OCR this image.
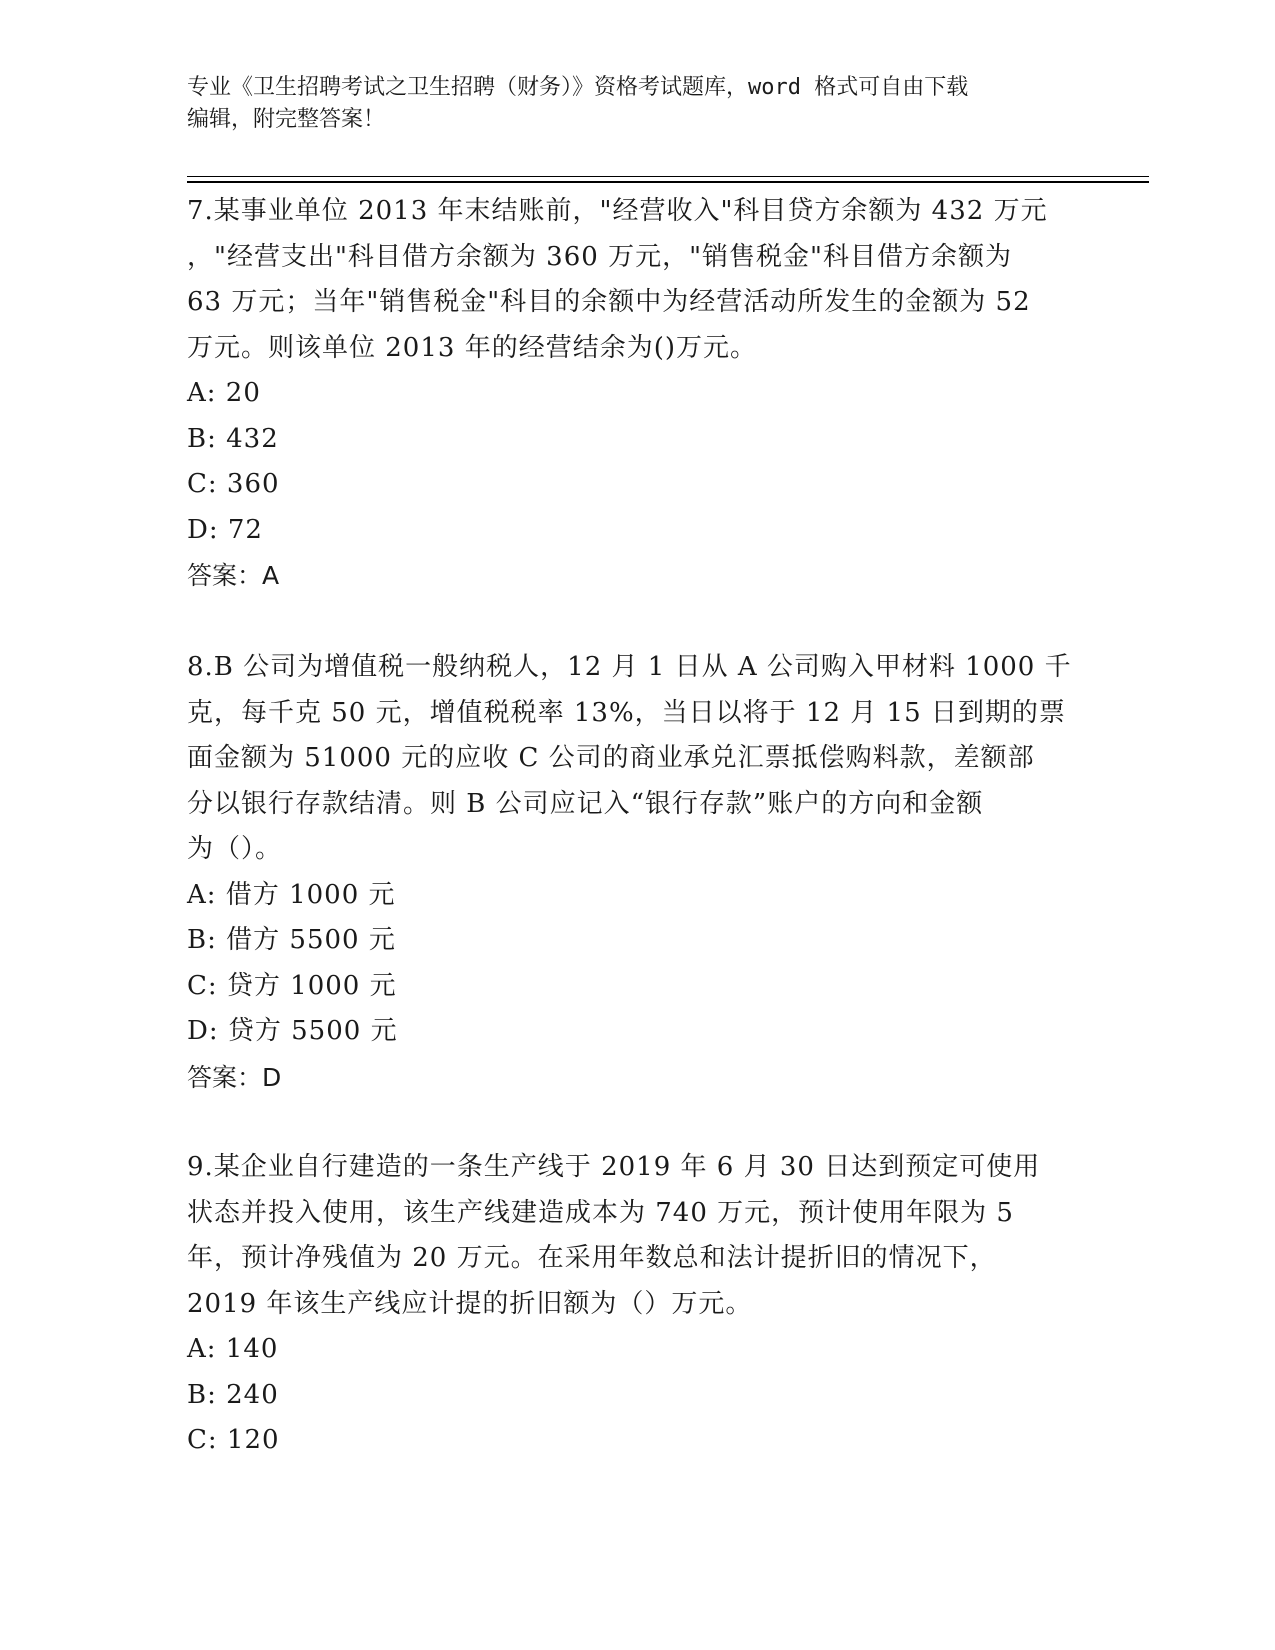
专业《卫生招聘考试之卫生招聘（财务）》资格考试题库，word 格式可自由下载
编辑，附完整答案！
7.某事业单位 2013 年末结账前，"经营收入"科目贷方余额为 432 万元
，"经营支出"科目借方余额为 360 万元，"销售税金"科目借方余额为
63 万元；当年"销售税金"科目的余额中为经营活动所发生的金额为 52
万元。则该单位 2013 年的经营结余为()万元。
A: 20
B: 432
C: 360
D: 72
答案：A
8.B 公司为增值税一般纳税人，12 月 1 日从 A 公司购入甲材料 1000 千
克，每千克 50 元，增值税税率 13%，当日以将于 12 月 15 日到期的票
面金额为 51000 元的应收 C 公司的商业承兑汇票抵偿购料款，差额部
分以银行存款结清。则 B 公司应记入“银行存款”账户的方向和金额
为（）。
A: 借方 1000 元
B: 借方 5500 元
C: 贷方 1000 元
D: 贷方 5500 元
答案：D
9.某企业自行建造的一条生产线于 2019 年 6 月 30 日达到预定可使用
状态并投入使用，该生产线建造成本为 740 万元，预计使用年限为 5
年，预计净残值为 20 万元。在采用年数总和法计提折旧的情况下，
2019 年该生产线应计提的折旧额为（）万元。
A: 140
B: 240
C: 120
